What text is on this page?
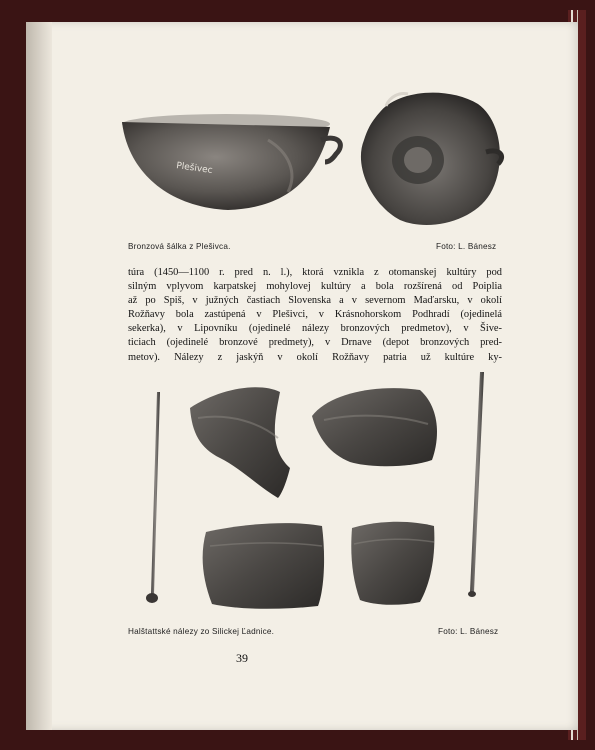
Plešivec
Bronzová šálka z Plešivca.	Foto: L. Bánesz
túra (1450—1100 r. pred n. l.), ktorá vznikla z otomanskej kultúry pod
silným vplyvom karpatskej mohylovej kultúry a bola rozšírená od Poiplia
až po Spiš, v južných častiach Slovenska a v severnom Maďarsku, v okolí
Rožňavy bola zastúpená v Plešivci, v Krásnohorskom Podhradí (ojedinelá
sekerka), v Lipovníku (ojedinelé nálezy bronzových predmetov), v Šive-
ticiach (ojedinelé bronzové predmety), v Drnave (depot bronzových pred-
metov). Nálezy z jaskýň v okolí Rožňavy patria už kultúre ky-
Halštattské nálezy zo Silickej Ľadnice.	Foto: L. Bánesz
39
